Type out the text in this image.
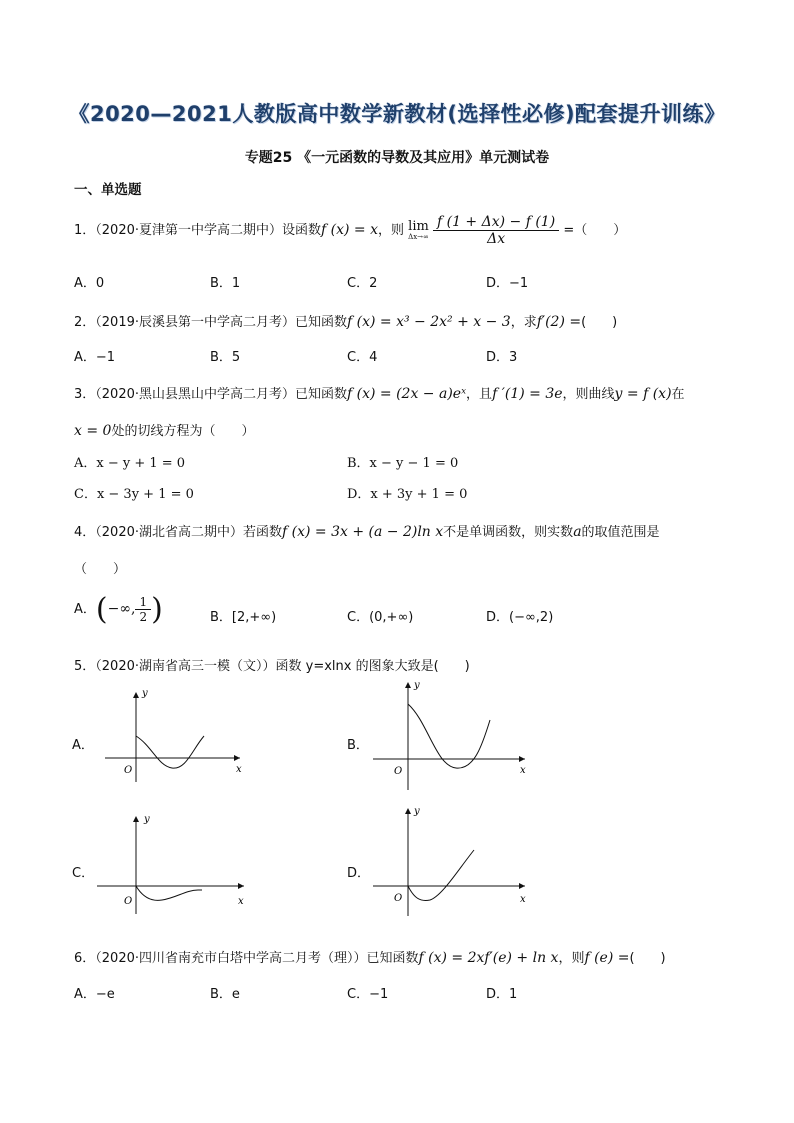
《2020—2021人教版高中数学新教材(选择性必修)配套提升训练》
专题25 《一元函数的导数及其应用》单元测试卷
一、单选题
1．（2020·夏津第一中学高二期中）设函数f (x) = x，则 lim
Δx→∞
$\frac{f (1 + \Delta x) - f (1)}{\Delta x}$ =（　　）
A．0	B．1	C．2	D．−1
2．（2019·辰溪县第一中学高二月考）已知函数f (x) = x³ − 2x² + x − 3，求f′(2) =(　　)
A．−1	B．5	C．4	D．3
3．（2020·黑山县黑山中学高二月考）已知函数f (x) = (2x − a)eˣ，且f ′(1) = 3e，则曲线y = f (x)在
x = 0处的切线方程为（　　）
A．x − y + 1 = 0	B．x − y − 1 = 0
C．x − 3y + 1 = 0	D．x + 3y + 1 = 0
4．（2020·湖北省高二期中）若函数f (x) = 3x + (a − 2)ln x不是单调函数，则实数a的取值范围是
（　　）
A．(−∞, $\frac{1}{2}$ )	B．[2,+∞)	C．(0,+∞)	D．(−∞,2)
5．（2020·湖南省高三一模（文））函数 y=xlnx 的图象大致是(　　)
A．	B．
C．	D．
y
x
O
y
x
O
y
x
O
y
x
O
6．（2020·四川省南充市白塔中学高二月考（理））已知函数f (x) = 2xf′(e) + ln x，则f (e) =(　　)
A．−e	B．e	C．−1	D．1
